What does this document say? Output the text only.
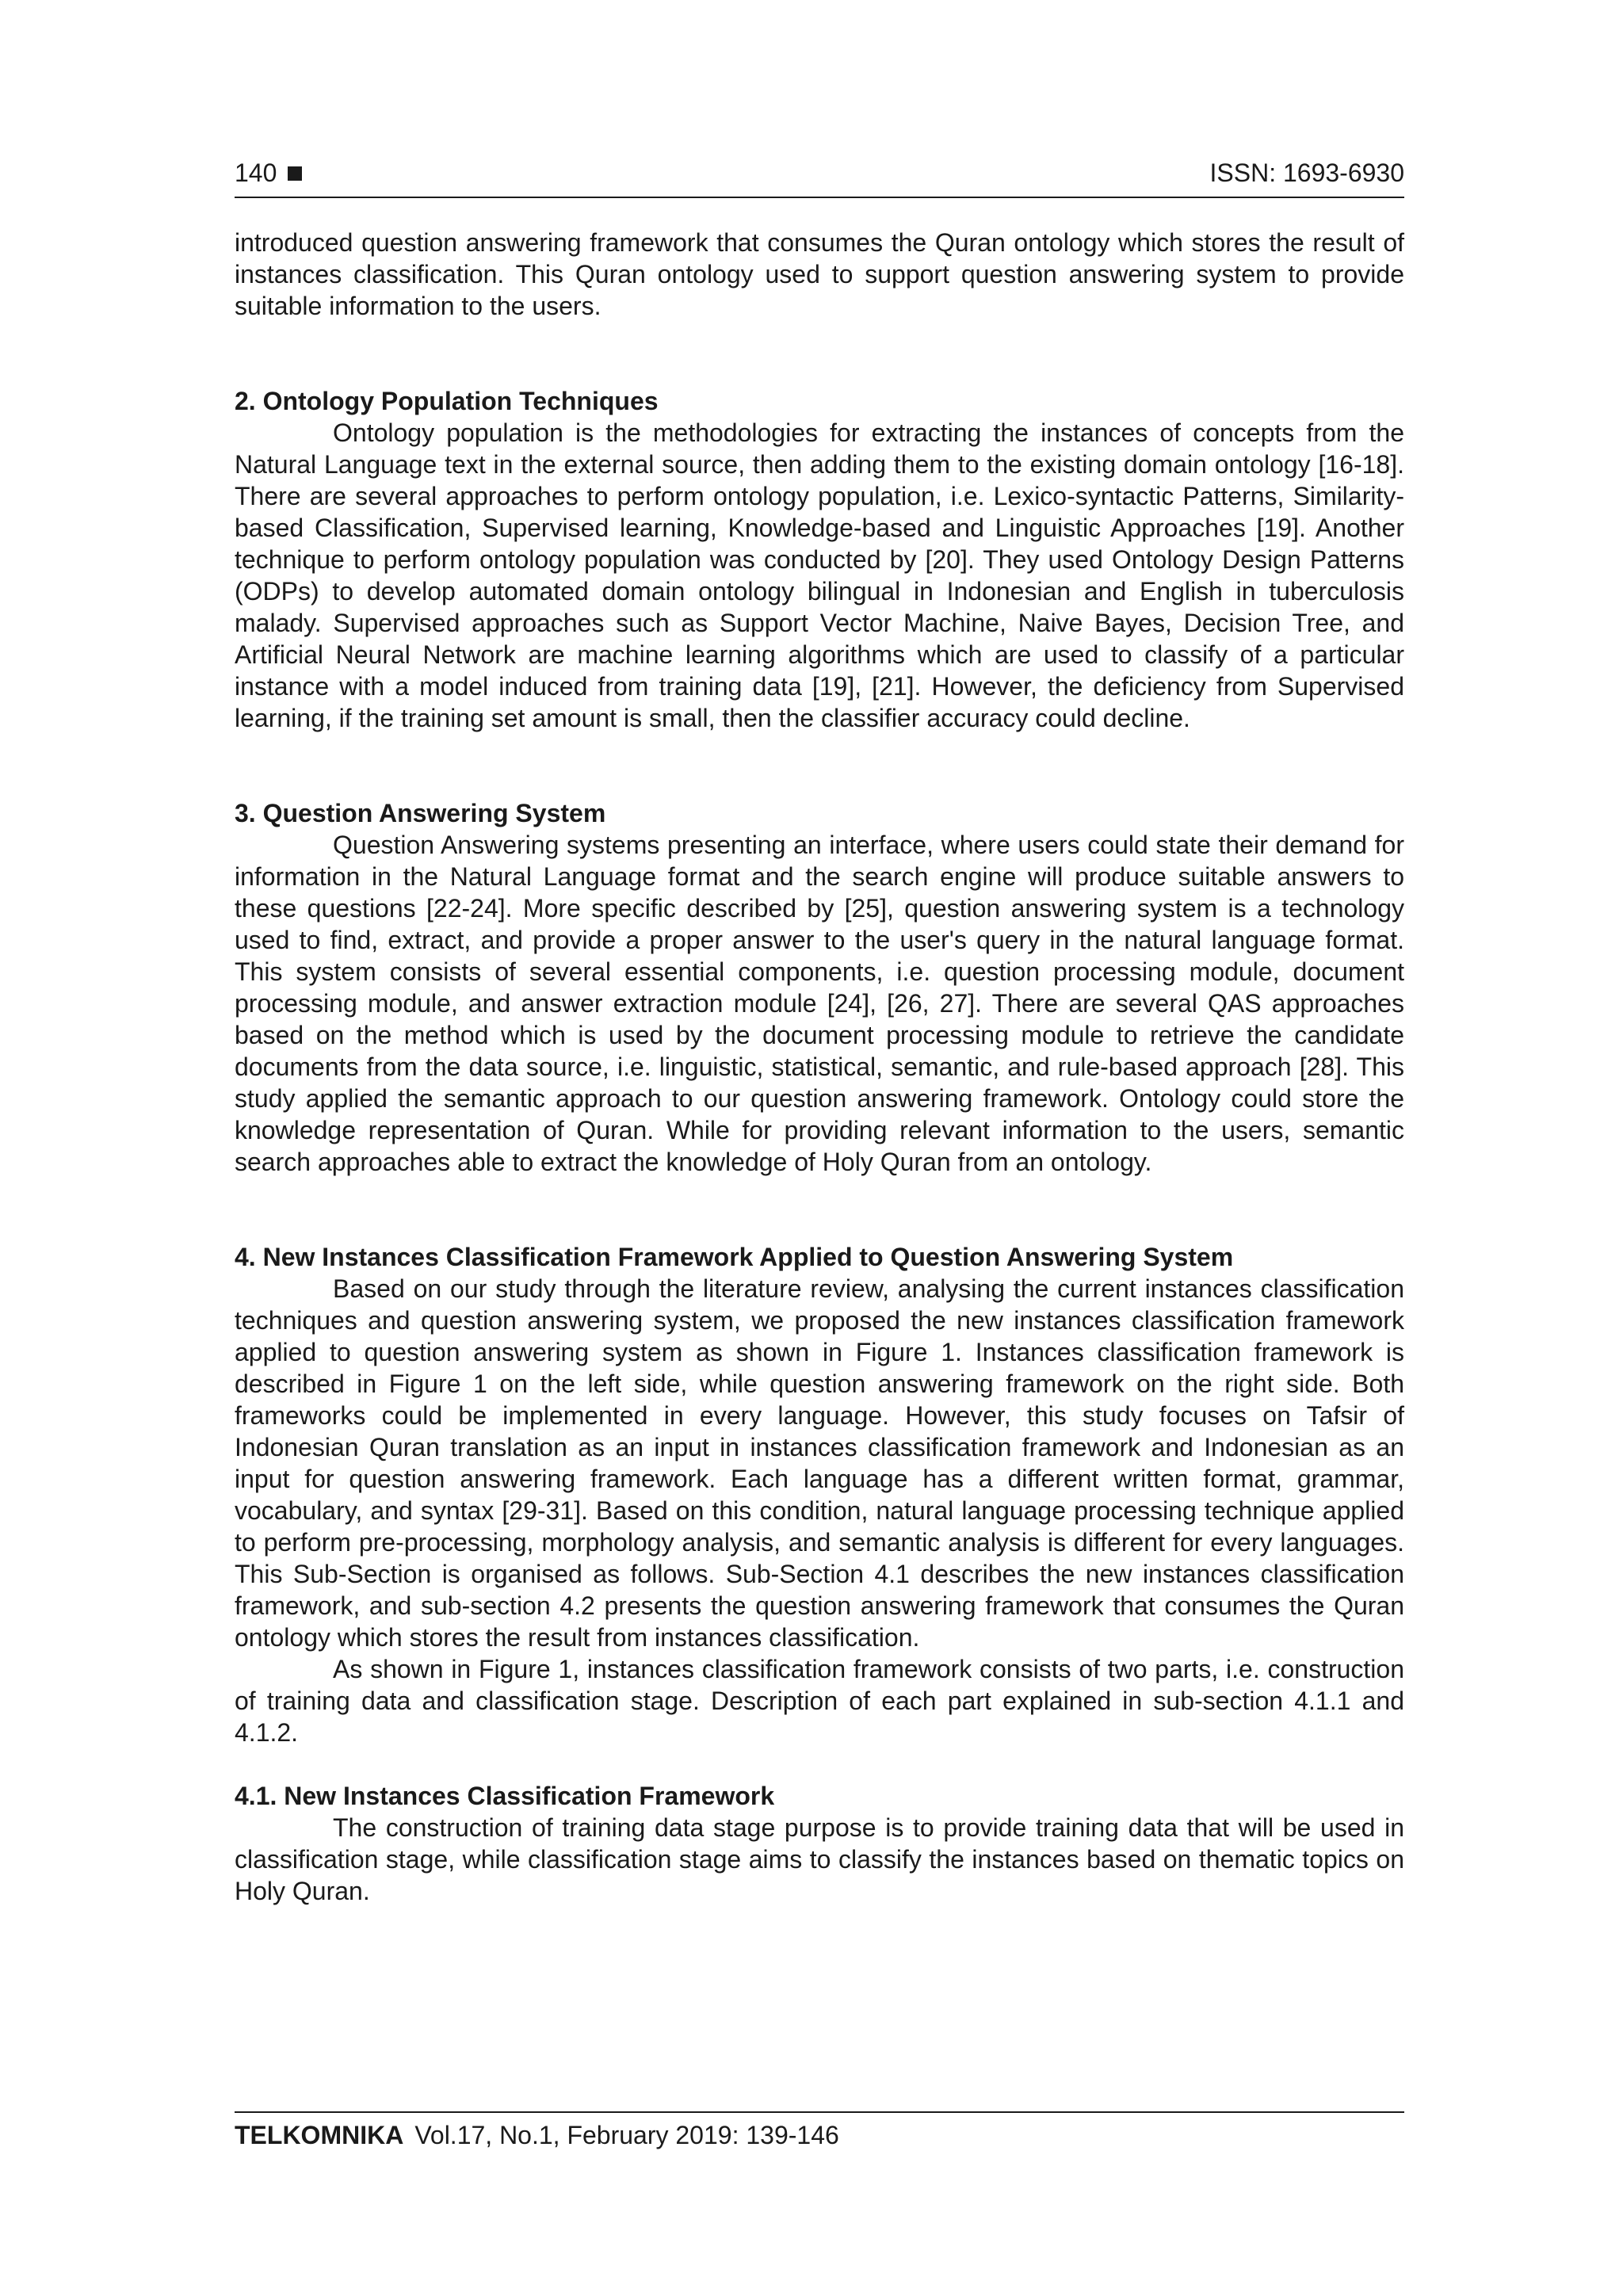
140	ISSN: 1693-6930

introduced question answering framework that consumes the Quran ontology which stores the result of instances classification. This Quran ontology used to support question answering system to provide suitable information to the users.

2. Ontology Population Techniques

Ontology population is the methodologies for extracting the instances of concepts from the Natural Language text in the external source, then adding them to the existing domain ontology [16-18]. There are several approaches to perform ontology population, i.e. Lexico-syntactic Patterns, Similarity-based Classification, Supervised learning, Knowledge-based and Linguistic Approaches [19]. Another technique to perform ontology population was conducted by [20]. They used Ontology Design Patterns (ODPs) to develop automated domain ontology bilingual in Indonesian and English in tuberculosis malady. Supervised approaches such as Support Vector Machine, Naive Bayes, Decision Tree, and Artificial Neural Network are machine learning algorithms which are used to classify of a particular instance with a model induced from training data [19], [21]. However, the deficiency from Supervised learning, if the training set amount is small, then the classifier accuracy could decline.

3. Question Answering System

Question Answering systems presenting an interface, where users could state their demand for information in the Natural Language format and the search engine will produce suitable answers to these questions [22-24]. More specific described by [25], question answering system is a technology used to find, extract, and provide a proper answer to the user's query in the natural language format. This system consists of several essential components, i.e. question processing module, document processing module, and answer extraction module [24], [26, 27]. There are several QAS approaches based on the method which is used by the document processing module to retrieve the candidate documents from the data source, i.e. linguistic, statistical, semantic, and rule-based approach [28]. This study applied the semantic approach to our question answering framework. Ontology could store the knowledge representation of Quran. While for providing relevant information to the users, semantic search approaches able to extract the knowledge of Holy Quran from an ontology.

4. New Instances Classification Framework Applied to Question Answering System

Based on our study through the literature review, analysing the current instances classification techniques and question answering system, we proposed the new instances classification framework applied to question answering system as shown in Figure 1. Instances classification framework is described in Figure 1 on the left side, while question answering framework on the right side. Both frameworks could be implemented in every language. However, this study focuses on Tafsir of Indonesian Quran translation as an input in instances classification framework and Indonesian as an input for question answering framework. Each language has a different written format, grammar, vocabulary, and syntax [29-31]. Based on this condition, natural language processing technique applied to perform pre-processing, morphology analysis, and semantic analysis is different for every languages. This Sub-Section is organised as follows. Sub-Section 4.1 describes the new instances classification framework, and sub-section 4.2 presents the question answering framework that consumes the Quran ontology which stores the result from instances classification.

As shown in Figure 1, instances classification framework consists of two parts, i.e. construction of training data and classification stage. Description of each part explained in sub-section 4.1.1 and 4.1.2.

4.1. New Instances Classification Framework

The construction of training data stage purpose is to provide training data that will be used in classification stage, while classification stage aims to classify the instances based on thematic topics on Holy Quran.

TELKOMNIKA Vol.17, No.1, February 2019: 139-146
